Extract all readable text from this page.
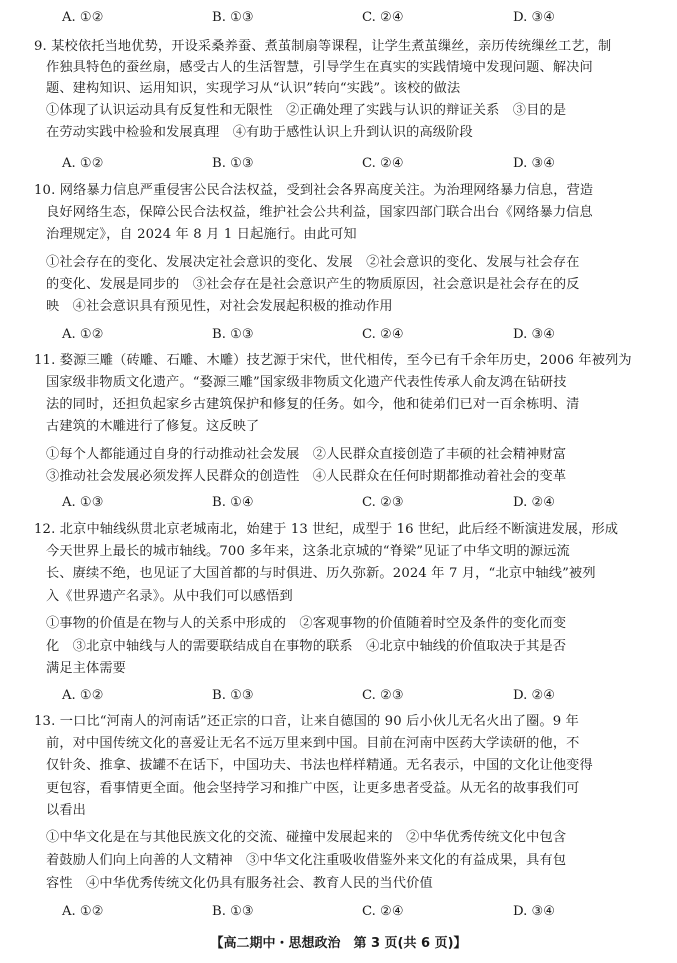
A. ①②	B. ①③	C. ②④	D. ③④
9. 某校依托当地优势，开设采桑养蚕、煮茧制扇等课程，让学生煮茧缫丝，亲历传统缫丝工艺，制
作独具特色的蚕丝扇，感受古人的生活智慧，引导学生在真实的实践情境中发现问题、解决问
题、建构知识、运用知识，实现学习从“认识”转向“实践”。该校的做法
①体现了认识运动具有反复性和无限性　②正确处理了实践与认识的辩证关系　③目的是
在劳动实践中检验和发展真理　④有助于感性认识上升到认识的高级阶段
A. ①②	B. ①③	C. ②④	D. ③④
10. 网络暴力信息严重侵害公民合法权益，受到社会各界高度关注。为治理网络暴力信息，营造
良好网络生态，保障公民合法权益，维护社会公共利益，国家四部门联合出台《网络暴力信息
治理规定》，自 2024 年 8 月 1 日起施行。由此可知
①社会存在的变化、发展决定社会意识的变化、发展　②社会意识的变化、发展与社会存在
的变化、发展是同步的　③社会存在是社会意识产生的物质原因，社会意识是社会存在的反
映　④社会意识具有预见性，对社会发展起积极的推动作用
A. ①②	B. ①③	C. ②④	D. ③④
11. 婺源三雕（砖雕、石雕、木雕）技艺源于宋代，世代相传，至今已有千余年历史，2006 年被列为
国家级非物质文化遗产。“婺源三雕”国家级非物质文化遗产代表性传承人俞友鸿在钻研技
法的同时，还担负起家乡古建筑保护和修复的任务。如今，他和徒弟们已对一百余栋明、清
古建筑的木雕进行了修复。这反映了
①每个人都能通过自身的行动推动社会发展　②人民群众直接创造了丰硕的社会精神财富
③推动社会发展必须发挥人民群众的创造性　④人民群众在任何时期都推动着社会的变革
A. ①③	B. ①④	C. ②③	D. ②④
12. 北京中轴线纵贯北京老城南北，始建于 13 世纪，成型于 16 世纪，此后经不断演进发展，形成
今天世界上最长的城市轴线。700 多年来，这条北京城的“脊梁”见证了中华文明的源远流
长、赓续不绝，也见证了大国首都的与时俱进、历久弥新。2024 年 7 月，“北京中轴线”被列
入《世界遗产名录》。从中我们可以感悟到
①事物的价值是在物与人的关系中形成的　②客观事物的价值随着时空及条件的变化而变
化　③北京中轴线与人的需要联结成自在事物的联系　④北京中轴线的价值取决于其是否
满足主体需要
A. ①②	B. ①③	C. ②③	D. ②④
13. 一口比“河南人的河南话”还正宗的口音，让来自德国的 90 后小伙儿无名火出了圈。9 年
前，对中国传统文化的喜爱让无名不远万里来到中国。目前在河南中医药大学读研的他，不
仅针灸、推拿、拔罐不在话下，中国功夫、书法也样样精通。无名表示，中国的文化让他变得
更包容，看事情更全面。他会坚持学习和推广中医，让更多患者受益。从无名的故事我们可
以看出
①中华文化是在与其他民族文化的交流、碰撞中发展起来的　②中华优秀传统文化中包含
着鼓励人们向上向善的人文精神　③中华文化注重吸收借鉴外来文化的有益成果，具有包
容性　④中华优秀传统文化仍具有服务社会、教育人民的当代价值
A. ①②	B. ①③	C. ②④	D. ③④
【高二期中・思想政治　第 3 页(共 6 页)】
